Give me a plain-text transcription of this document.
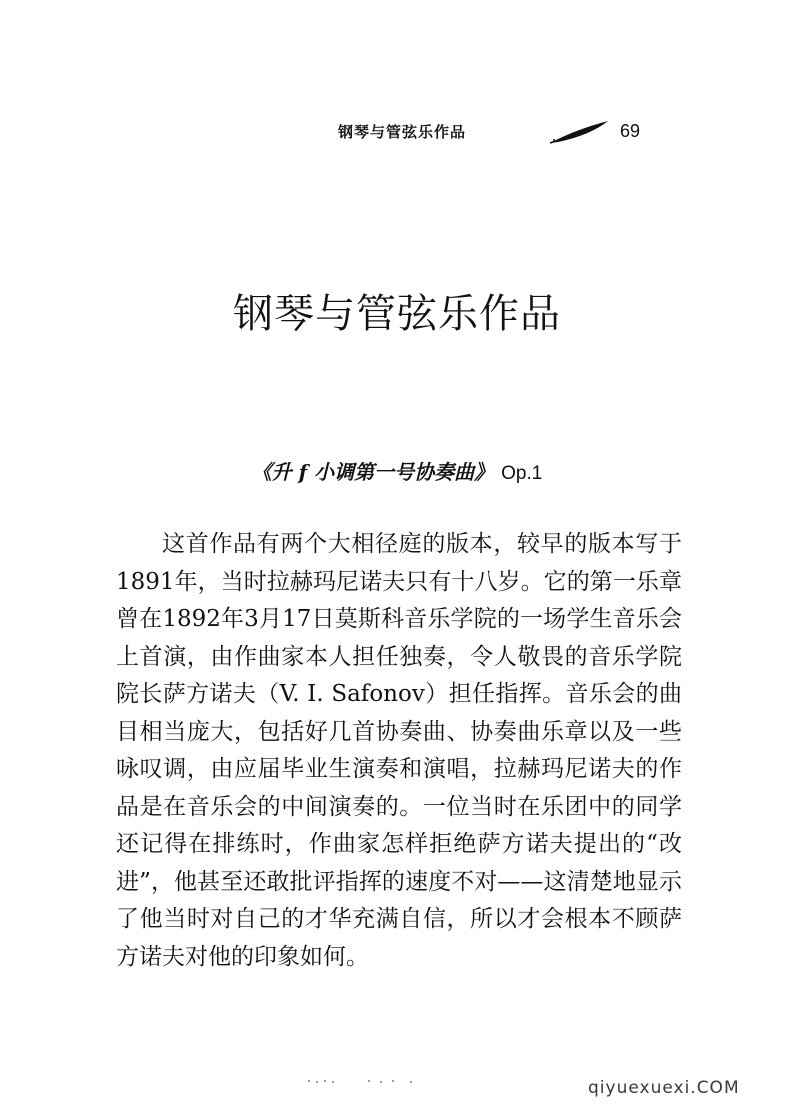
钢琴与管弦乐作品	69
钢琴与管弦乐作品
《升 f 小调第一号协奏曲》 Op.1

这首作品有两个大相径庭的版本，较早的版本写于1891年，当时拉赫玛尼诺夫只有十八岁。它的第一乐章曾在1892年3月17日莫斯科音乐学院的一场学生音乐会上首演，由作曲家本人担任独奏，令人敬畏的音乐学院院长萨方诺夫（V. I. Safonov）担任指挥。音乐会的曲目相当庞大，包括好几首协奏曲、协奏曲乐章以及一些咏叹调，由应届毕业生演奏和演唱，拉赫玛尼诺夫的作品是在音乐会的中间演奏的。一位当时在乐团中的同学还记得在排练时，作曲家怎样拒绝萨方诺夫提出的“改进”，他甚至还敢批评指挥的速度不对——这清楚地显示了他当时对自己的才华充满自信，所以才会根本不顾萨方诺夫对他的印象如何。

qiyuexuexi.COM
